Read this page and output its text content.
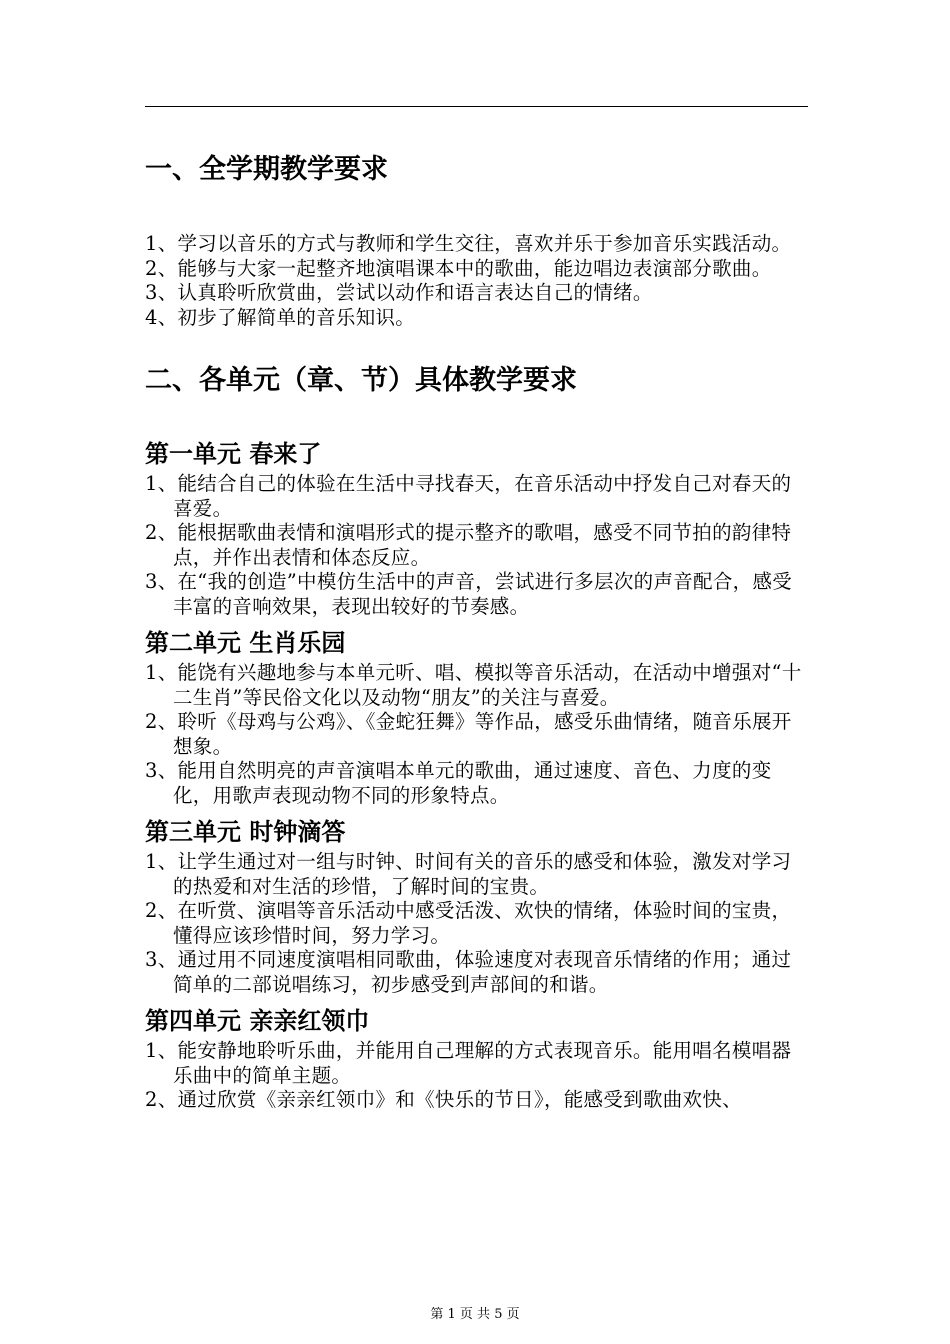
一、全学期教学要求
1、学习以音乐的方式与教师和学生交往，喜欢并乐于参加音乐实践活动。
2、能够与大家一起整齐地演唱课本中的歌曲，能边唱边表演部分歌曲。
3、认真聆听欣赏曲，尝试以动作和语言表达自己的情绪。
4、初步了解简单的音乐知识。
二、各单元（章、节）具体教学要求
第一单元 春来了
1、能结合自己的体验在生活中寻找春天，在音乐活动中抒发自己对春天的喜爱。
2、能根据歌曲表情和演唱形式的提示整齐的歌唱，感受不同节拍的韵律特点，并作出表情和体态反应。
3、在“我的创造”中模仿生活中的声音，尝试进行多层次的声音配合，感受丰富的音响效果，表现出较好的节奏感。
第二单元 生肖乐园
1、能饶有兴趣地参与本单元听、唱、模拟等音乐活动，在活动中增强对“十二生肖”等民俗文化以及动物“朋友”的关注与喜爱。
2、聆听《母鸡与公鸡》、《金蛇狂舞》等作品，感受乐曲情绪，随音乐展开想象。
3、能用自然明亮的声音演唱本单元的歌曲，通过速度、音色、力度的变化，用歌声表现动物不同的形象特点。
第三单元 时钟滴答
1、让学生通过对一组与时钟、时间有关的音乐的感受和体验，激发对学习的热爱和对生活的珍惜，了解时间的宝贵。
2、在听赏、演唱等音乐活动中感受活泼、欢快的情绪，体验时间的宝贵，懂得应该珍惜时间，努力学习。
3、通过用不同速度演唱相同歌曲，体验速度对表现音乐情绪的作用；通过简单的二部说唱练习，初步感受到声部间的和谐。
第四单元 亲亲红领巾
1、能安静地聆听乐曲，并能用自己理解的方式表现音乐。能用唱名模唱器乐曲中的简单主题。
2、通过欣赏《亲亲红领巾》和《快乐的节日》，能感受到歌曲欢快、
第 1 页 共 5 页
